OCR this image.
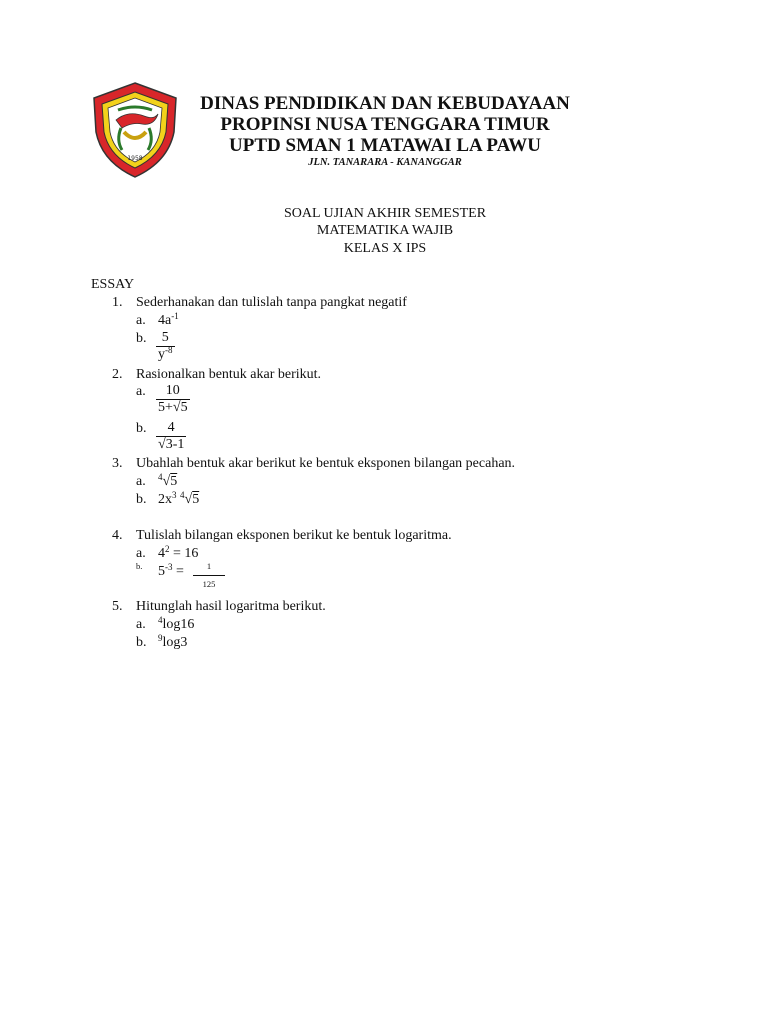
1958
DINAS PENDIDIKAN DAN KEBUDAYAAN
PROPINSI NUSA TENGGARA TIMUR
UPTD SMAN 1 MATAWAI LA PAWU
JLN. TANARARA - KANANGGAR
SOAL UJIAN AKHIR SEMESTER
MATEMATIKA WAJIB
KELAS X IPS
ESSAY
1. Sederhanakan dan tulislah tanpa pangkat negatif
a. $4a^{-1}$
b. $\frac{5}{y^{-8}}$
2. Rasionalkan bentuk akar berikut.
a. $\frac{10}{5+√5}$
b. $\frac{4}{√3-1}$
3. Ubahlah bentuk akar berikut ke bentuk eksponen bilangan pecahan.
a. $^4$√5
b. $2x^3$ $^4$√5
4. Tulislah bilangan eksponen berikut ke bentuk logaritma.
a. $4^2 = 16$
b. $5^{-3} = \frac{1}{125}$
5. Hitunglah hasil logaritma berikut.
a. $^4$log16
b. $^9$log3
